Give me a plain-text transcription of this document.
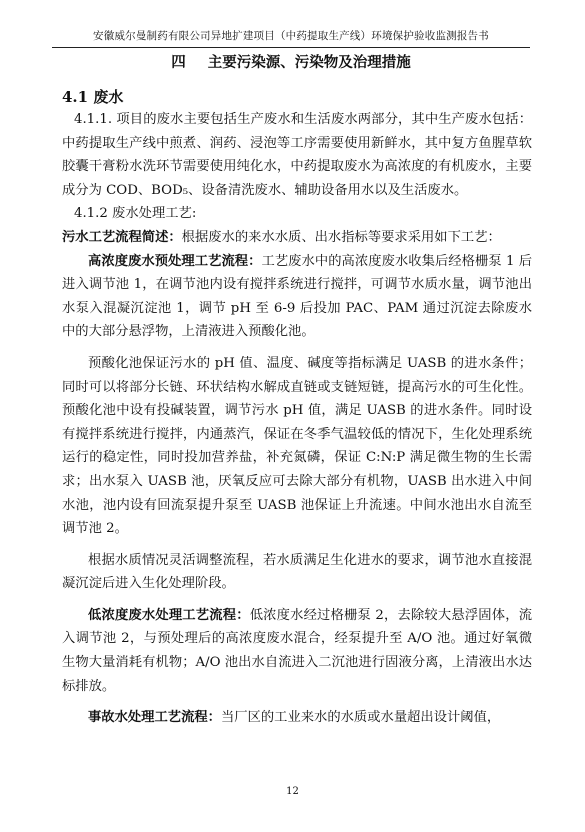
安徽威尔曼制药有限公司异地扩建项目（中药提取生产线）环境保护验收监测报告书
四 主要污染源、污染物及治理措施
4.1 废水

4.1.1. 项目的废水主要包括生产废水和生活废水两部分，其中生产废水包括：中药提取生产线中煎煮、润药、浸泡等工序需要使用新鲜水，其中复方鱼腥草软胶囊干膏粉水洗环节需要使用纯化水，中药提取废水为高浓度的有机废水，主要成分为 COD、BOD₅、设备清洗废水、辅助设备用水以及生活废水。

4.1.2 废水处理工艺:

污水工艺流程简述：根据废水的来水水质、出水指标等要求采用如下工艺：

高浓度废水预处理工艺流程：工艺废水中的高浓度废水收集后经格栅泵 1 后进入调节池 1，在调节池内设有搅拌系统进行搅拌，可调节水质水量，调节池出水泵入混凝沉淀池 1，调节 pH 至 6-9 后投加 PAC、PAM 通过沉淀去除废水中的大部分悬浮物，上清液进入预酸化池。

预酸化池保证污水的 pH 值、温度、碱度等指标满足 UASB 的进水条件；同时可以将部分长链、环状结构水解成直链或支链短链，提高污水的可生化性。预酸化池中设有投碱装置，调节污水 pH 值，满足 UASB 的进水条件。同时设有搅拌系统进行搅拌，内通蒸汽，保证在冬季气温较低的情况下，生化处理系统运行的稳定性，同时投加营养盐，补充氮磷，保证 C:N:P 满足微生物的生长需求；出水泵入 UASB 池，厌氧反应可去除大部分有机物，UASB 出水进入中间水池，池内设有回流泵提升泵至 UASB 池保证上升流速。中间水池出水自流至调节池 2。

根据水质情况灵活调整流程，若水质满足生化进水的要求，调节池水直接混凝沉淀后进入生化处理阶段。

低浓度废水处理工艺流程：低浓度水经过格栅泵 2，去除较大悬浮固体，流入调节池 2，与预处理后的高浓度废水混合，经泵提升至 A/O 池。通过好氧微生物大量消耗有机物；A/O 池出水自流进入二沉池进行固液分离，上清液出水达标排放。

事故水处理工艺流程：当厂区的工业来水的水质或水量超出设计阈值，

12
